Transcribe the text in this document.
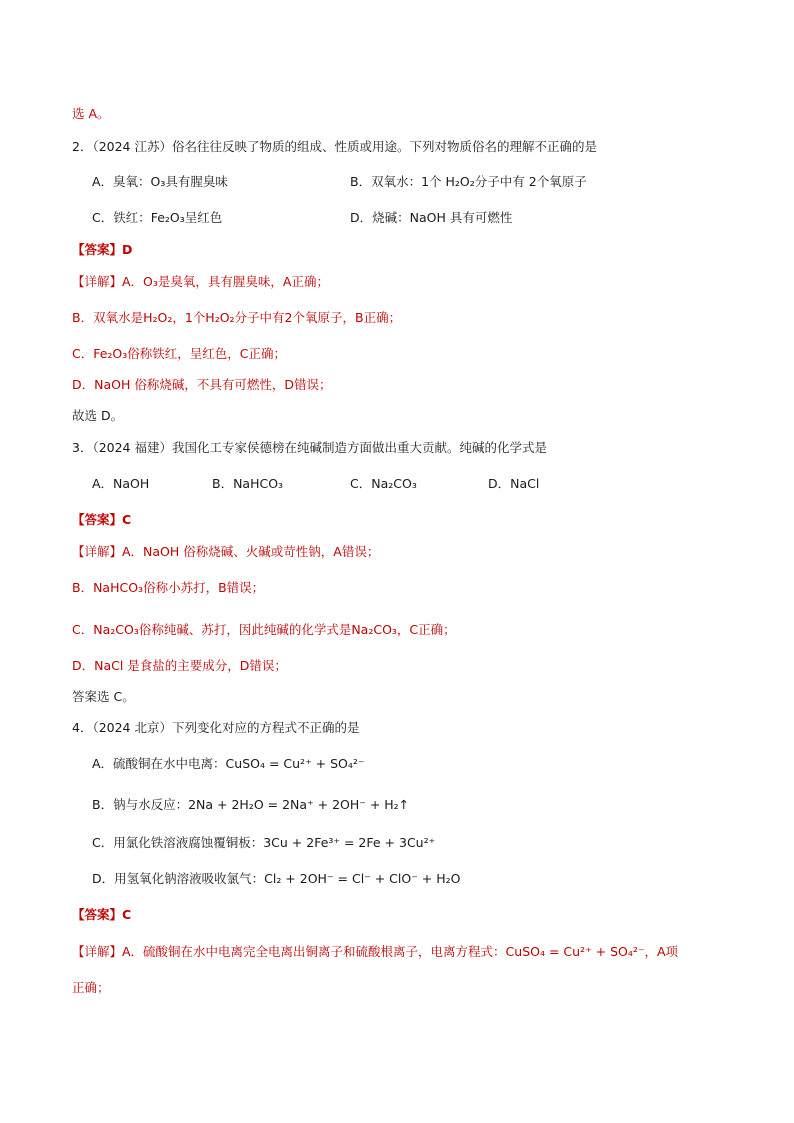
选 A。
2．（2024 江苏）俗名往往反映了物质的组成、性质或用途。下列对物质俗名的理解不正确的是
A．臭氧：O₃具有腥臭味	B．双氧水：1个 H₂O₂分子中有 2个氧原子
C．铁红：Fe₂O₃呈红色	D．烧碱：NaOH 具有可燃性
【答案】D
【详解】A．O₃是臭氧，具有腥臭味，A正确；
B．双氧水是H₂O₂，1个H₂O₂分子中有2个氧原子，B正确；
C．Fe₂O₃俗称铁红，呈红色，C正确；
D．NaOH 俗称烧碱，不具有可燃性，D错误；
故选 D。
3．（2024 福建）我国化工专家侯德榜在纯碱制造方面做出重大贡献。纯碱的化学式是
A．NaOH	B．NaHCO₃	C．Na₂CO₃	D．NaCl
【答案】C
【详解】A．NaOH 俗称烧碱、火碱或苛性钠，A错误；
B．NaHCO₃俗称小苏打，B错误；
C．Na₂CO₃俗称纯碱、苏打，因此纯碱的化学式是Na₂CO₃，C正确；
D．NaCl 是食盐的主要成分，D错误；
答案选 C。
4．（2024 北京）下列变化对应的方程式不正确的是
A．硫酸铜在水中电离：CuSO₄ = Cu²⁺ + SO₄²⁻
B．钠与水反应：2Na + 2H₂O = 2Na⁺ + 2OH⁻ + H₂↑
C．用氯化铁溶液腐蚀覆铜板：3Cu + 2Fe³⁺ = 2Fe + 3Cu²⁺
D．用氢氧化钠溶液吸收氯气：Cl₂ + 2OH⁻ = Cl⁻ + ClO⁻ + H₂O
【答案】C
【详解】A．硫酸铜在水中电离完全电离出铜离子和硫酸根离子，电离方程式：CuSO₄ = Cu²⁺ + SO₄²⁻，A项
正确；
